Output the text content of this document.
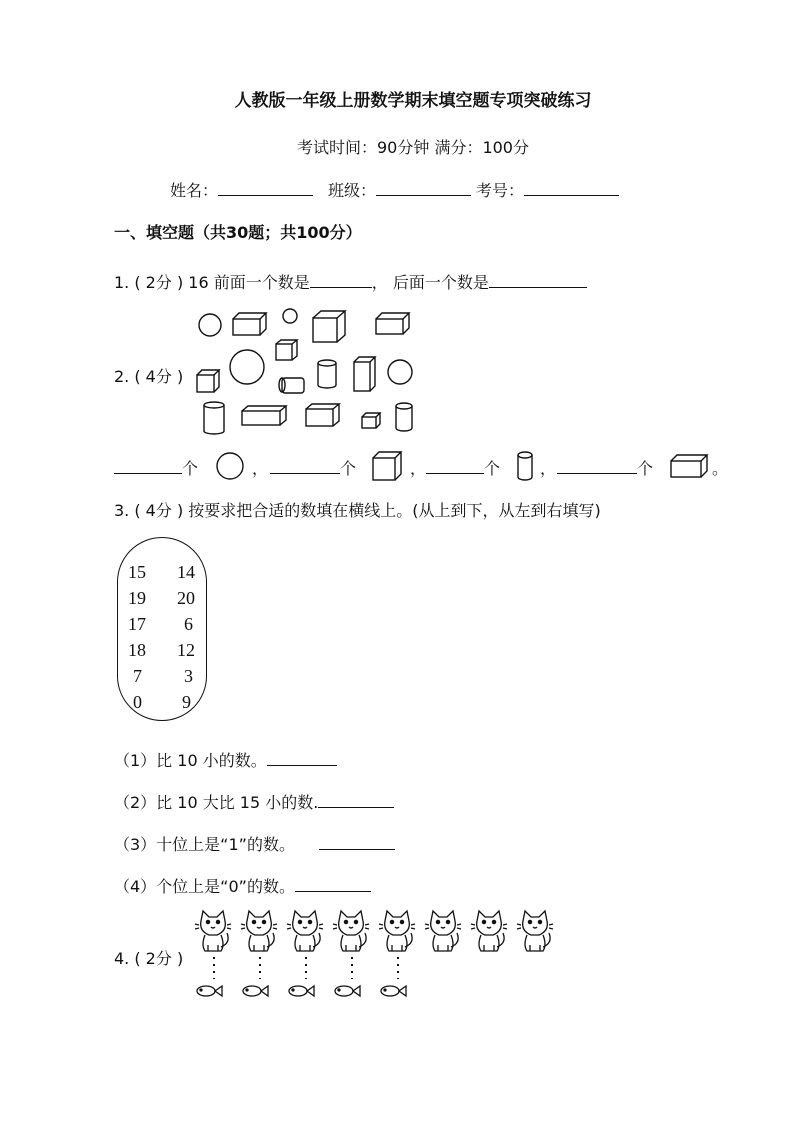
人教版一年级上册数学期末填空题专项突破练习
考试时间：90分钟 满分：100分
姓名：	班级：	考号：
一、填空题（共30题；共100分）
1. ( 2分 ) 16 前面一个数是	， 后面一个数是
2. ( 4分 )
个	，	个	，	个 ，	个	。
3. ( 4分 ) 按要求把合适的数填在横线上。(从上到下，从左到右填写)
15 14
19 20
17 6
18 12
7 3
0 9
（1）比 10 小的数。
（2）比 10 大比 15 小的数.
（3）十位上是“1”的数。
（4）个位上是“0”的数。
4. ( 2分 )
